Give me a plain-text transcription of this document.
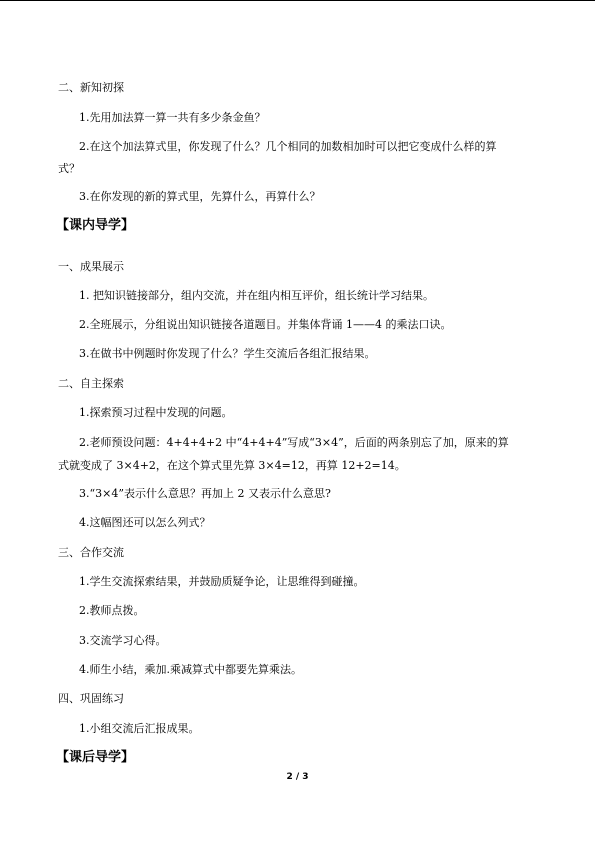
二、新知初探
1.先用加法算一算一共有多少条金鱼？
2.在这个加法算式里，你发现了什么？几个相同的加数相加时可以把它变成什么样的算
式？
3.在你发现的新的算式里，先算什么，再算什么？
【课内导学】
一、成果展示
1. 把知识链接部分，组内交流，并在组内相互评价，组长统计学习结果。
2.全班展示，分组说出知识链接各道题目。并集体背诵 1——4 的乘法口诀。
3.在做书中例题时你发现了什么？学生交流后各组汇报结果。
二、自主探索
1.探索预习过程中发现的问题。
2.老师预设问题：4+4+4+2 中“4+4+4”写成“3×4”，后面的两条别忘了加，原来的算
式就变成了 3×4+2，在这个算式里先算 3×4=12，再算 12+2=14。
3.“3×4”表示什么意思？再加上 2 又表示什么意思?
4.这幅图还可以怎么列式？
三、合作交流
1.学生交流探索结果，并鼓励质疑争论，让思维得到碰撞。
2.教师点拨。
3.交流学习心得。
4.师生小结，乘加.乘减算式中都要先算乘法。
四、巩固练习
1.小组交流后汇报成果。
【课后导学】
2 / 3
